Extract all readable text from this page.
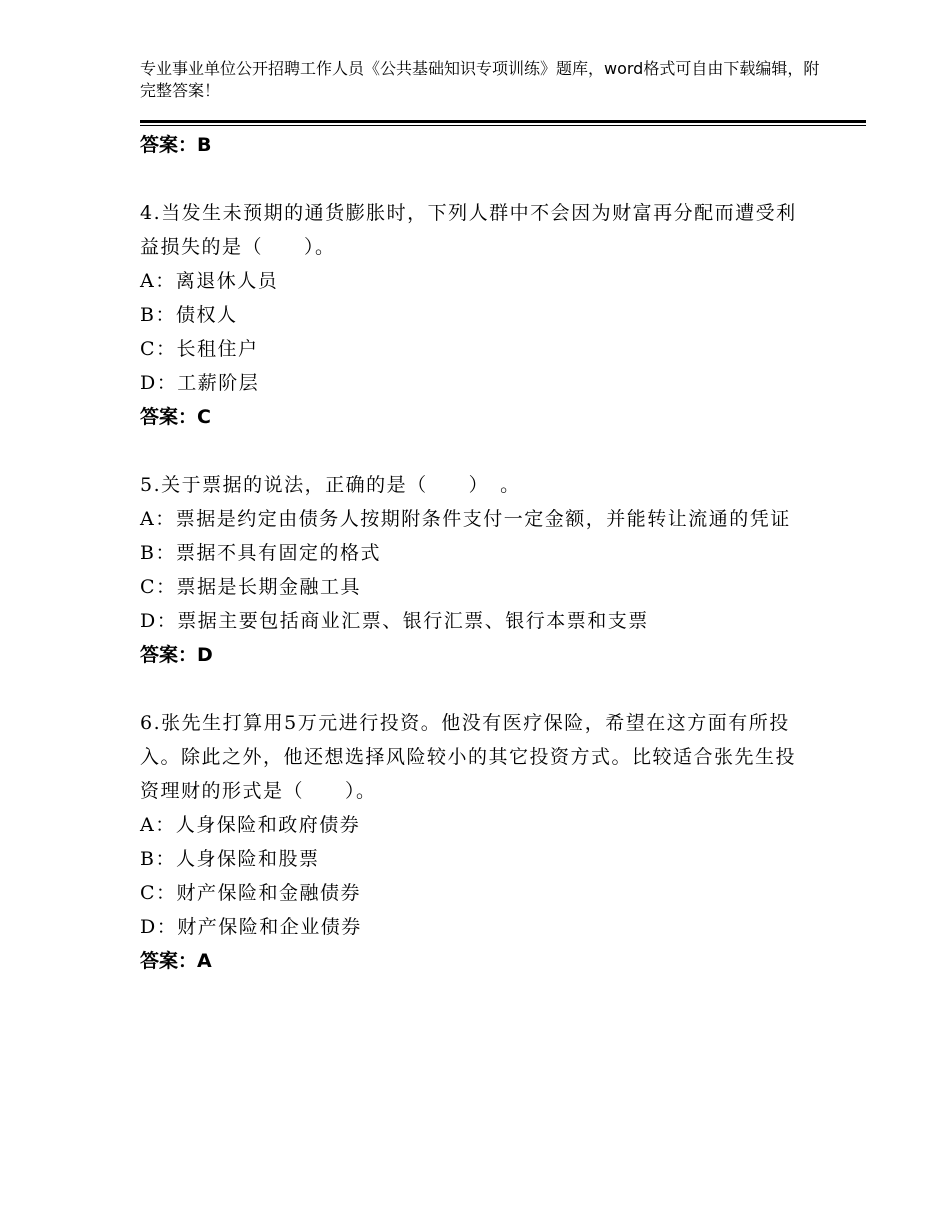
专业事业单位公开招聘工作人员《公共基础知识专项训练》题库，word格式可自由下载编辑，附完整答案！

答案：B

4.当发生未预期的通货膨胀时，下列人群中不会因为财富再分配而遭受利益损失的是（　　）。

A：离退休人员

B：债权人

C：长租住户

D：工薪阶层

答案：C

5.关于票据的说法，正确的是（　　）　。

A：票据是约定由债务人按期附条件支付一定金额，并能转让流通的凭证

B：票据不具有固定的格式

C：票据是长期金融工具

D：票据主要包括商业汇票、银行汇票、银行本票和支票

答案：D

6.张先生打算用5万元进行投资。他没有医疗保险，希望在这方面有所投入。除此之外，他还想选择风险较小的其它投资方式。比较适合张先生投资理财的形式是（　　）。

A：人身保险和政府债券

B：人身保险和股票

C：财产保险和金融债券

D：财产保险和企业债券

答案：A
